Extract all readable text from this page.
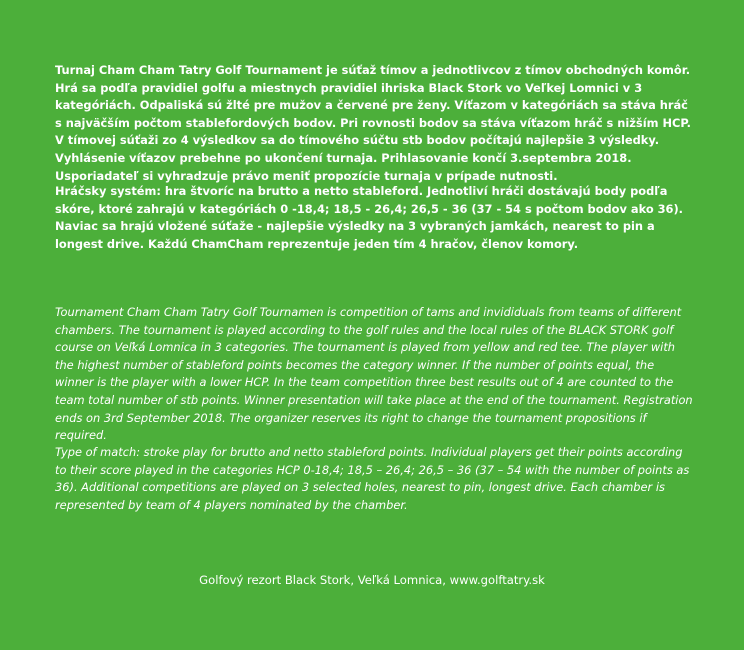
Turnaj Cham Cham Tatry Golf Tournament je súťaž tímov a jednotlivcov z tímov obchodných komôr. Hrá sa podľa pravidiel golfu a miestnych pravidiel ihriska Black Stork vo Veľkej Lomnici v 3 kategóriách. Odpaliská sú žlté pre mužov a červené pre ženy. Víťazom v kategóriách sa stáva hráč s najväčším počtom stablefordových bodov. Pri rovnosti bodov sa stáva víťazom hráč s nižším HCP. V tímovej súťaži zo 4 výsledkov sa do tímového súčtu stb bodov počítajú najlepšie 3 výsledky. Vyhlásenie víťazov prebehne po ukončení turnaja. Prihlasovanie končí 3.septembra 2018. Usporiadateľ si vyhradzuje právo meniť propozície turnaja v prípade nutnosti.

Hráčsky systém: hra štvoríc na brutto a netto stableford. Jednotliví hráči dostávajú body podľa skóre, ktoré zahrajú v kategóriách 0 -18,4; 18,5 - 26,4; 26,5 - 36 (37 - 54 s počtom bodov ako 36). Naviac sa hrajú vložené súťaže - najlepšie výsledky na 3 vybraných jamkách, nearest to pin a longest drive. Každú ChamCham reprezentuje jeden tím 4 hračov, členov komory.

Tournament Cham Cham Tatry Golf Tournamen is competition of tams and invididuals from teams of different chambers. The tournament is played according to the golf rules and the local rules of the BLACK STORK golf course on Veľká Lomnica in 3 categories. The tournament is played from yellow and red tee. The player with the highest number of stableford points becomes the category winner. If the number of points equal, the winner is the player with a lower HCP. In the team competition three best results out of 4 are counted to the team total number of stb points. Winner presentation will take place at the end of the tournament. Registration ends on 3rd September 2018. The organizer reserves its right to change the tournament propositions if required.

Type of match: stroke play for brutto and netto stableford points. Individual players get their points according to their score played in the categories HCP 0-18,4; 18,5 – 26,4; 26,5 – 36 (37 – 54 with the number of points as 36). Additional competitions are played on 3 selected holes, nearest to pin, longest drive. Each chamber is represented by team of 4 players nominated by the chamber.

Golfový rezort Black Stork, Veľká Lomnica, www.golftatry.sk
